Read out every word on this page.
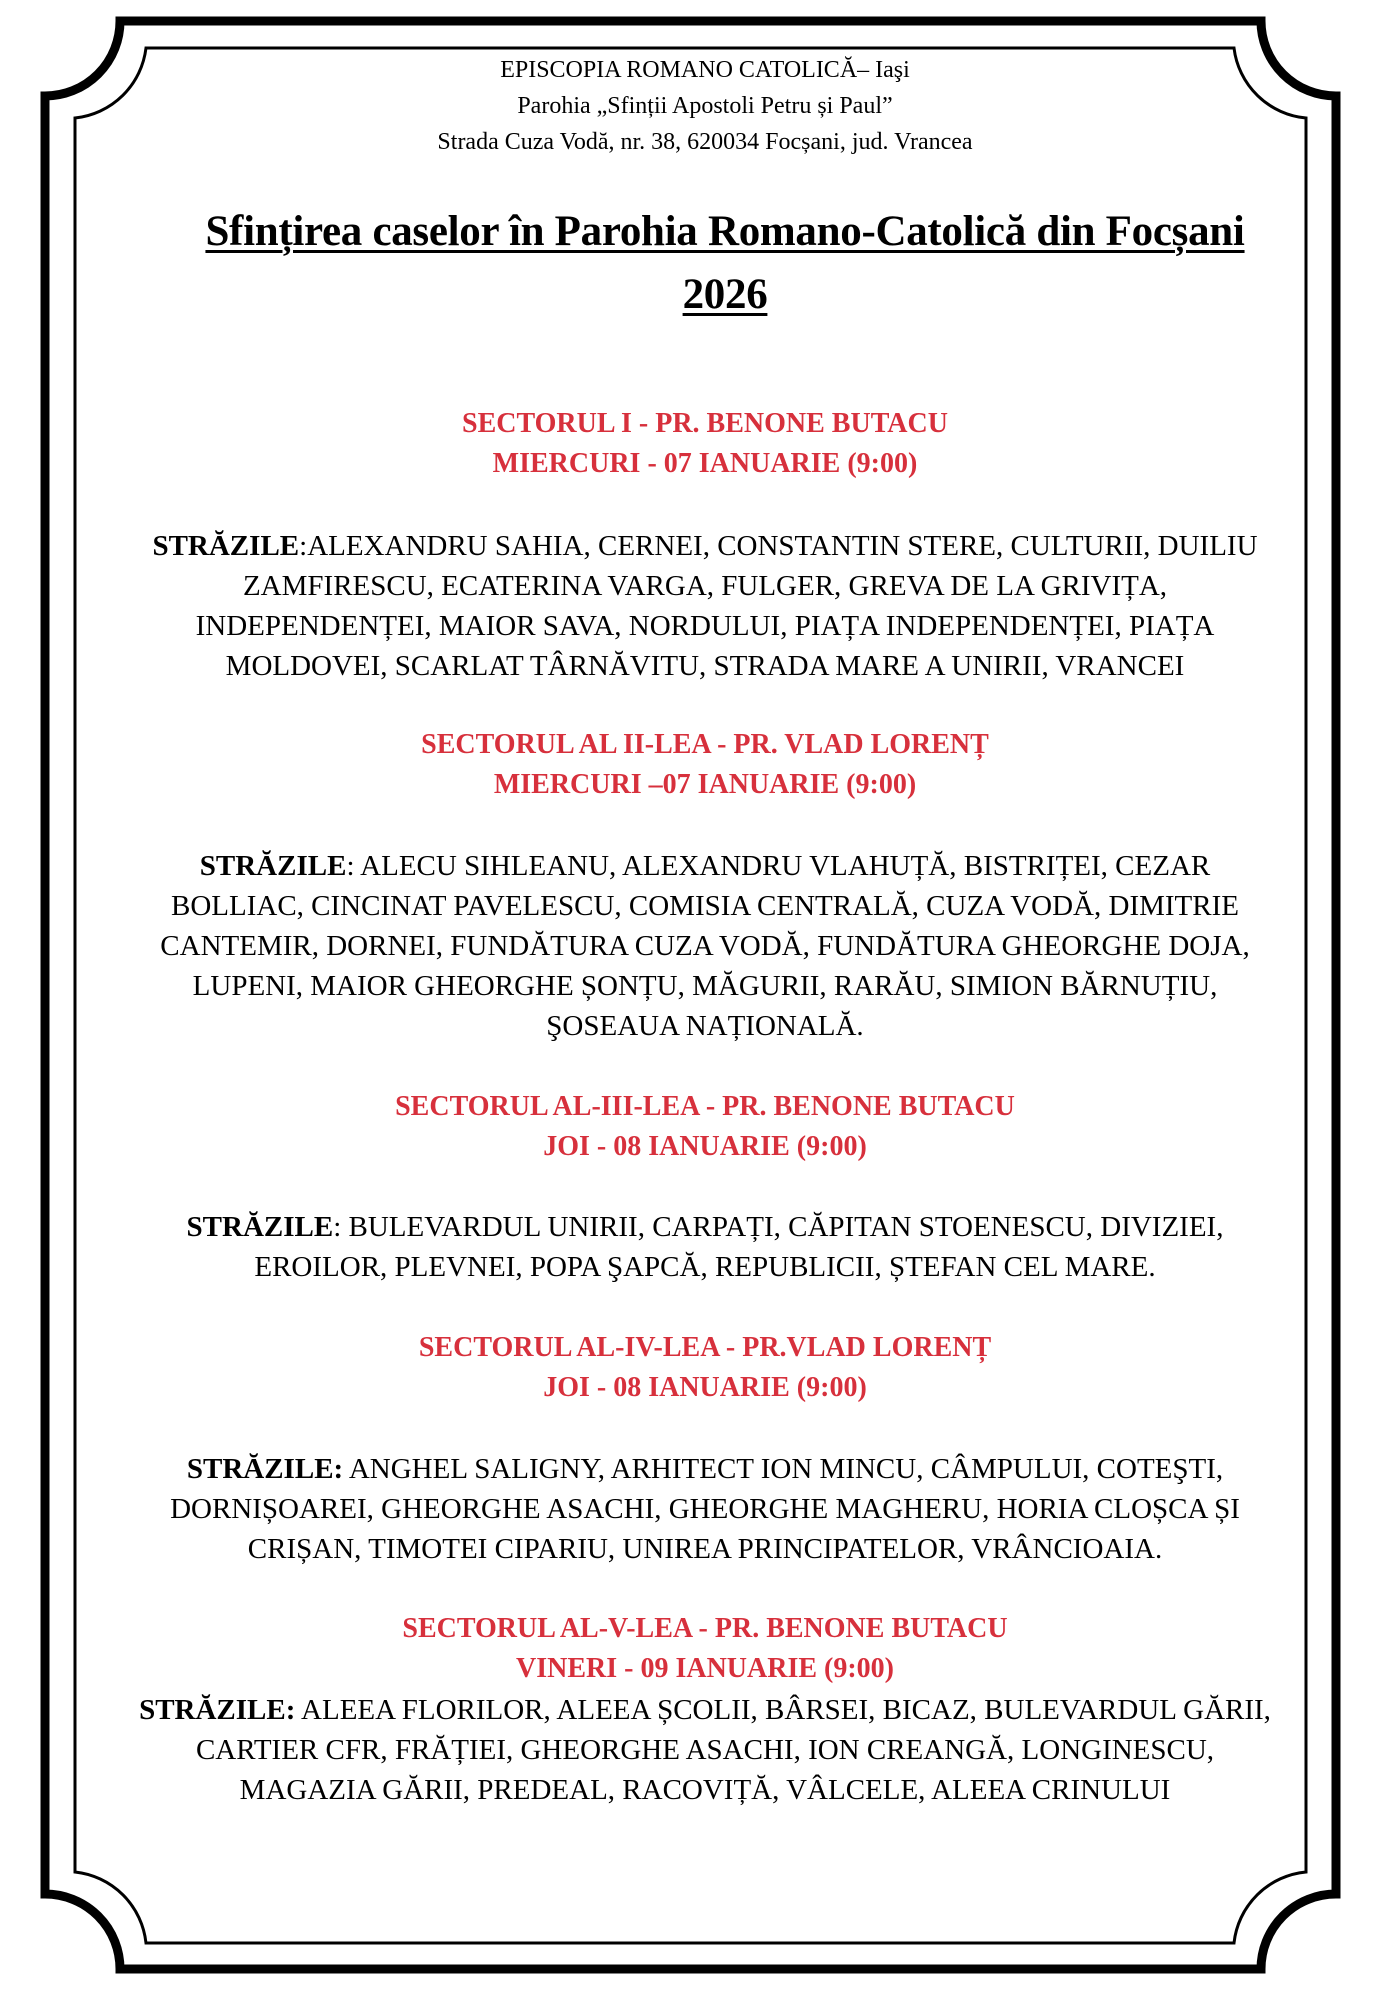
EPISCOPIA ROMANO CATOLICĂ– Iaşi
Parohia „Sfinții Apostoli Petru și Paul”
Strada Cuza Vodă, nr. 38, 620034 Focșani, jud. Vrancea
Sfințirea caselor în Parohia Romano-Catolică din Focșani
2026
SECTORUL I - PR. BENONE BUTACU
MIERCURI - 07 IANUARIE (9:00)
STRĂZILE:ALEXANDRU SAHIA, CERNEI, CONSTANTIN STERE, CULTURII, DUILIU
ZAMFIRESCU, ECATERINA VARGA, FULGER, GREVA DE LA GRIVIȚA,
INDEPENDENȚEI, MAIOR SAVA, NORDULUI, PIAȚA INDEPENDENȚEI, PIAȚA
MOLDOVEI, SCARLAT TÂRNĂVITU, STRADA MARE A UNIRII, VRANCEI
SECTORUL AL II-LEA - PR. VLAD LORENȚ
MIERCURI –07 IANUARIE (9:00)
STRĂZILE: ALECU SIHLEANU, ALEXANDRU VLAHUȚĂ, BISTRIȚEI, CEZAR
BOLLIAC, CINCINAT PAVELESCU, COMISIA CENTRALĂ, CUZA VODĂ, DIMITRIE
CANTEMIR, DORNEI, FUNDĂTURA CUZA VODĂ, FUNDĂTURA GHEORGHE DOJA,
LUPENI, MAIOR GHEORGHE ȘONȚU, MĂGURII, RARĂU, SIMION BĂRNUȚIU,
ŞOSEAUA NAȚIONALĂ.
SECTORUL AL-III-LEA - PR. BENONE BUTACU
JOI - 08 IANUARIE (9:00)
STRĂZILE: BULEVARDUL UNIRII, CARPAȚI, CĂPITAN STOENESCU, DIVIZIEI,
EROILOR, PLEVNEI, POPA ŞAPCĂ, REPUBLICII, ȘTEFAN CEL MARE.
SECTORUL AL-IV-LEA - PR.VLAD LORENȚ
JOI - 08 IANUARIE (9:00)
STRĂZILE: ANGHEL SALIGNY, ARHITECT ION MINCU, CÂMPULUI, COTEŞTI,
DORNIȘOAREI, GHEORGHE ASACHI, GHEORGHE MAGHERU, HORIA CLOȘCA ȘI
CRIȘAN, TIMOTEI CIPARIU, UNIREA PRINCIPATELOR, VRÂNCIOAIA.
SECTORUL AL-V-LEA - PR. BENONE BUTACU
VINERI - 09 IANUARIE (9:00)
STRĂZILE: ALEEA FLORILOR, ALEEA ȘCOLII, BÂRSEI, BICAZ, BULEVARDUL GĂRII,
CARTIER CFR, FRĂȚIEI, GHEORGHE ASACHI, ION CREANGĂ, LONGINESCU,
MAGAZIA GĂRII, PREDEAL, RACOVIȚĂ, VÂLCELE, ALEEA CRINULUI
